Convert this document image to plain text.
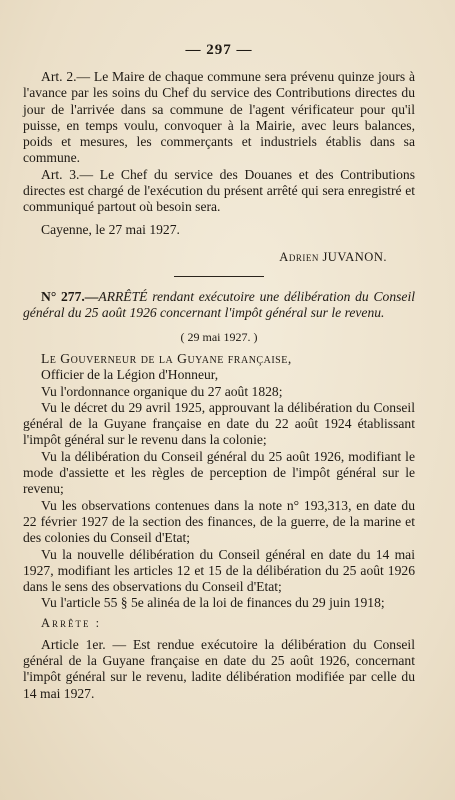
— 297 —

Art. 2.— Le Maire de chaque commune sera prévenu quinze jours à l'avance par les soins du Chef du service des Contributions directes du jour de l'arrivée dans sa commune de l'agent vérificateur pour qu'il puisse, en temps voulu, convoquer à la Mairie, avec leurs balances, poids et mesures, les commerçants et industriels établis dans sa commune.

Art. 3.— Le Chef du service des Douanes et des Contributions directes est chargé de l'exécution du présent arrêté qui sera enregistré et communiqué partout où besoin sera.

Cayenne, le 27 mai 1927.

Adrien JUVANON.

N° 277.—ARRÊTÉ rendant exécutoire une délibération du Conseil général du 25 août 1926 concernant l'impôt général sur le revenu.

( 29 mai 1927. )

Le Gouverneur de la Guyane française,

Officier de la Légion d'Honneur,

Vu l'ordonnance organique du 27 août 1828;

Vu le décret du 29 avril 1925, approuvant la délibération du Conseil général de la Guyane française en date du 22 août 1924 établissant l'impôt général sur le revenu dans la colonie;

Vu la délibération du Conseil général du 25 août 1926, modifiant le mode d'assiette et les règles de perception de l'impôt général sur le revenu;

Vu les observations contenues dans la note n° 193,313, en date du 22 février 1927 de la section des finances, de la guerre, de la marine et des colonies du Conseil d'Etat;

Vu la nouvelle délibération du Conseil général en date du 14 mai 1927, modifiant les articles 12 et 15 de la délibération du 25 août 1926 dans le sens des observations du Conseil d'Etat;

Vu l'article 55 § 5e alinéa de la loi de finances du 29 juin 1918;

Arrête :

Article 1er. — Est rendue exécutoire la délibération du Conseil général de la Guyane française en date du 25 août 1926, concernant l'impôt général sur le revenu, ladite délibération modifiée par celle du 14 mai 1927.
